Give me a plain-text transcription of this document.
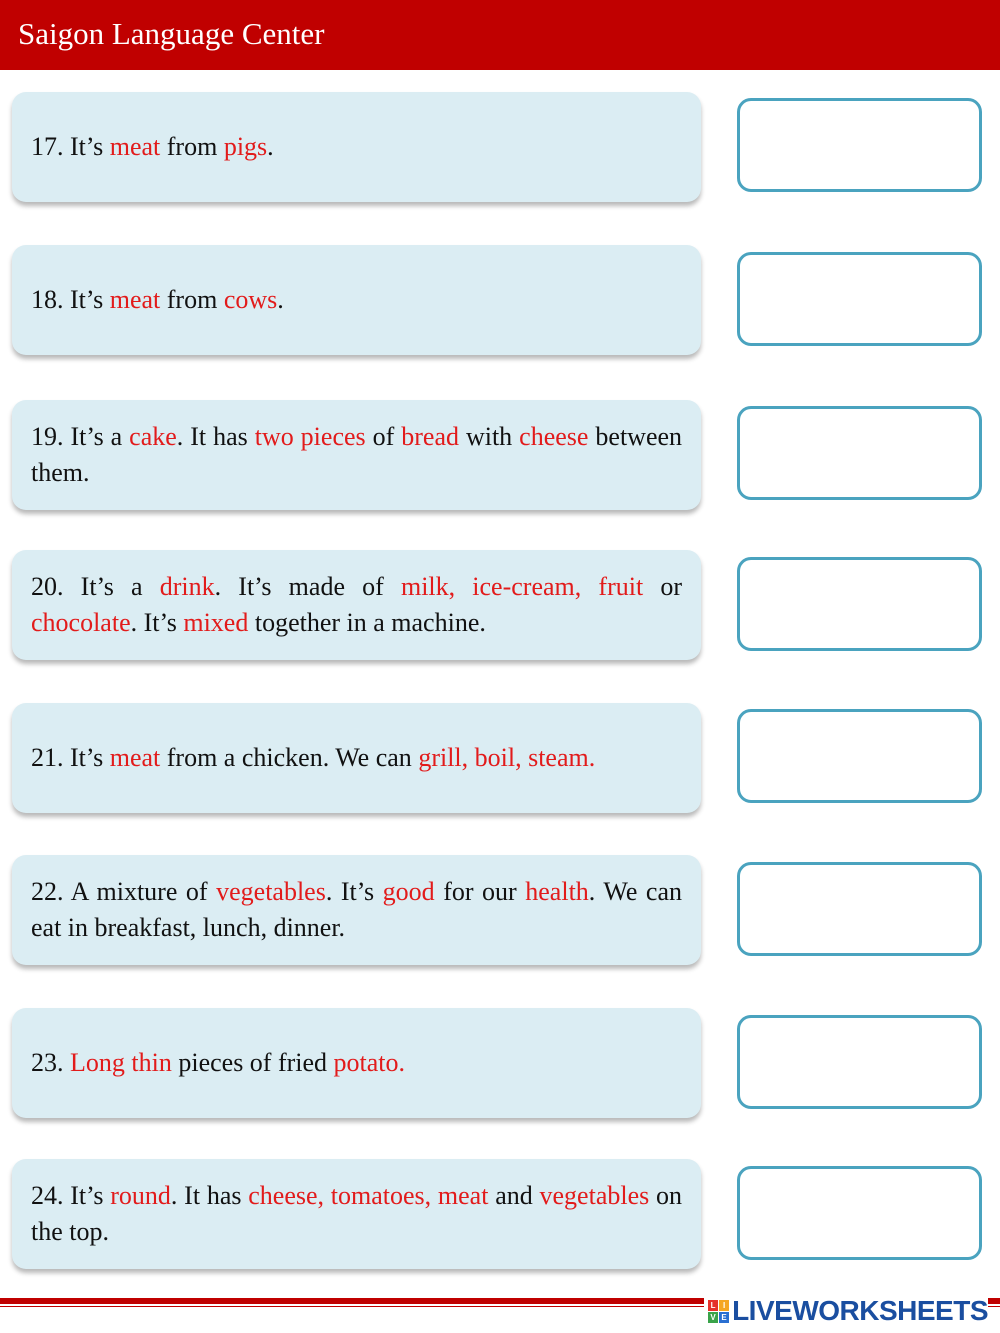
Saigon Language Center
17. It’s meat from pigs.
18. It’s meat from cows.
19. It’s a cake. It has two pieces of bread with cheese between them.
20. It’s a drink. It’s made of milk, ice-cream, fruit or chocolate. It’s mixed together in a machine.
21. It’s meat from a chicken. We can grill, boil, steam.
22. A mixture of vegetables. It’s good for our health. We can eat in breakfast, lunch, dinner.
23. Long thin pieces of fried potato.
24. It’s round. It has cheese, tomatoes, meat and vegetables on the top.
L I
V E LIVEWORKSHEETS
